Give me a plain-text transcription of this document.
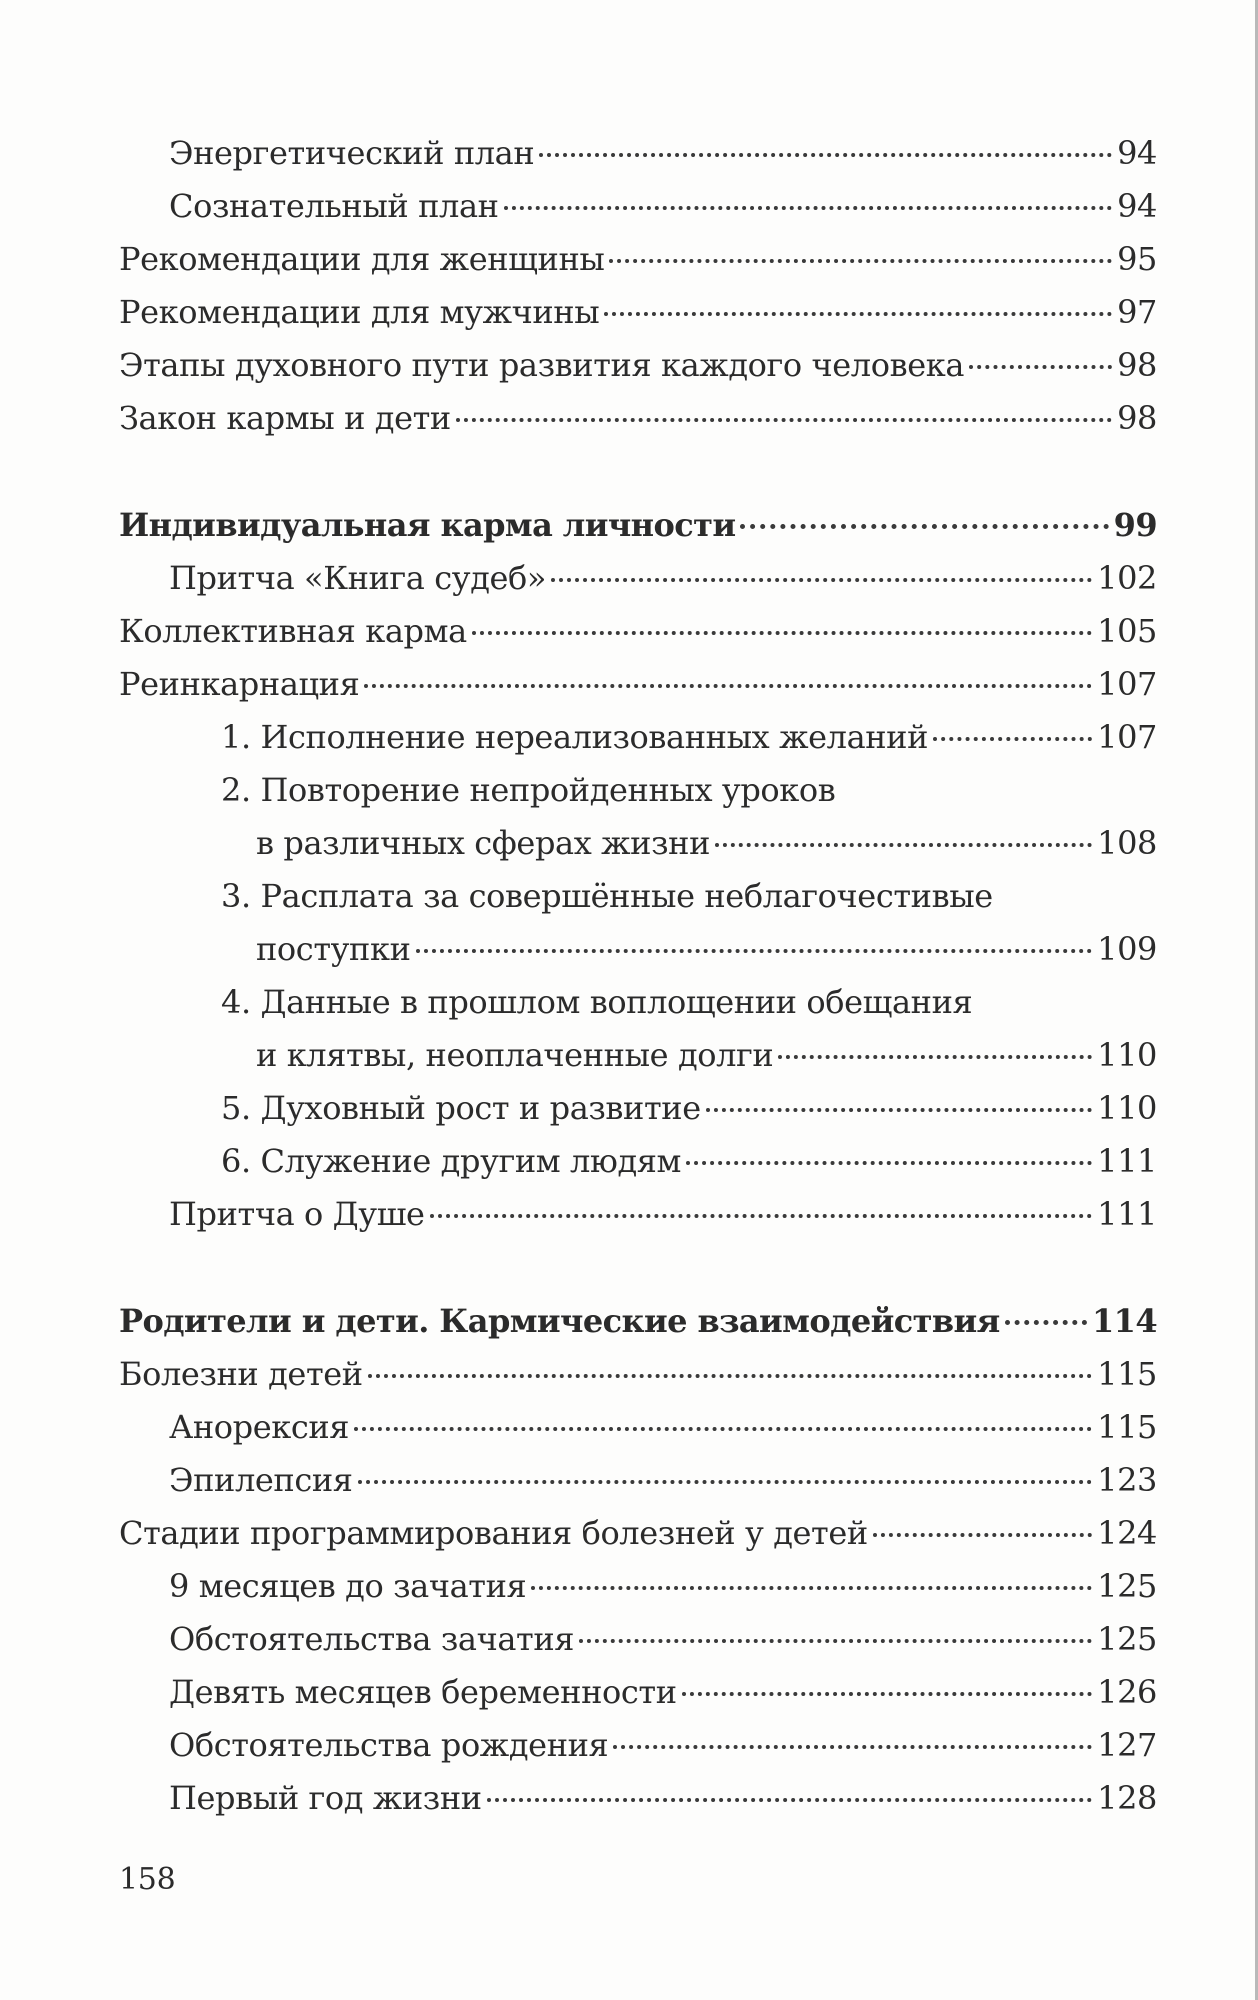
Энергетический план	94
Сознательный план	94
Рекомендации для женщины	95
Рекомендации для мужчины	97
Этапы духовного пути развития каждого человека	98
Закон кармы и дети	98
Индивидуальная карма личности	99
Притча «Книга судеб»	102
Коллективная карма	105
Реинкарнация	107
1. Исполнение нереализованных желаний	107
2. Повторение непройденных уроков
в различных сферах жизни	108
3. Расплата за совершённые неблагочестивые
поступки	109
4. Данные в прошлом воплощении обещания
и клятвы, неоплаченные долги	110
5. Духовный рост и развитие	110
6. Служение другим людям	111
Притча о Душе	111
Родители и дети. Кармические взаимодействия	114
Болезни детей	115
Анорексия	115
Эпилепсия	123
Стадии программирования болезней у детей	124
9 месяцев до зачатия	125
Обстоятельства зачатия	125
Девять месяцев беременности	126
Обстоятельства рождения	127
Первый год жизни	128
158
